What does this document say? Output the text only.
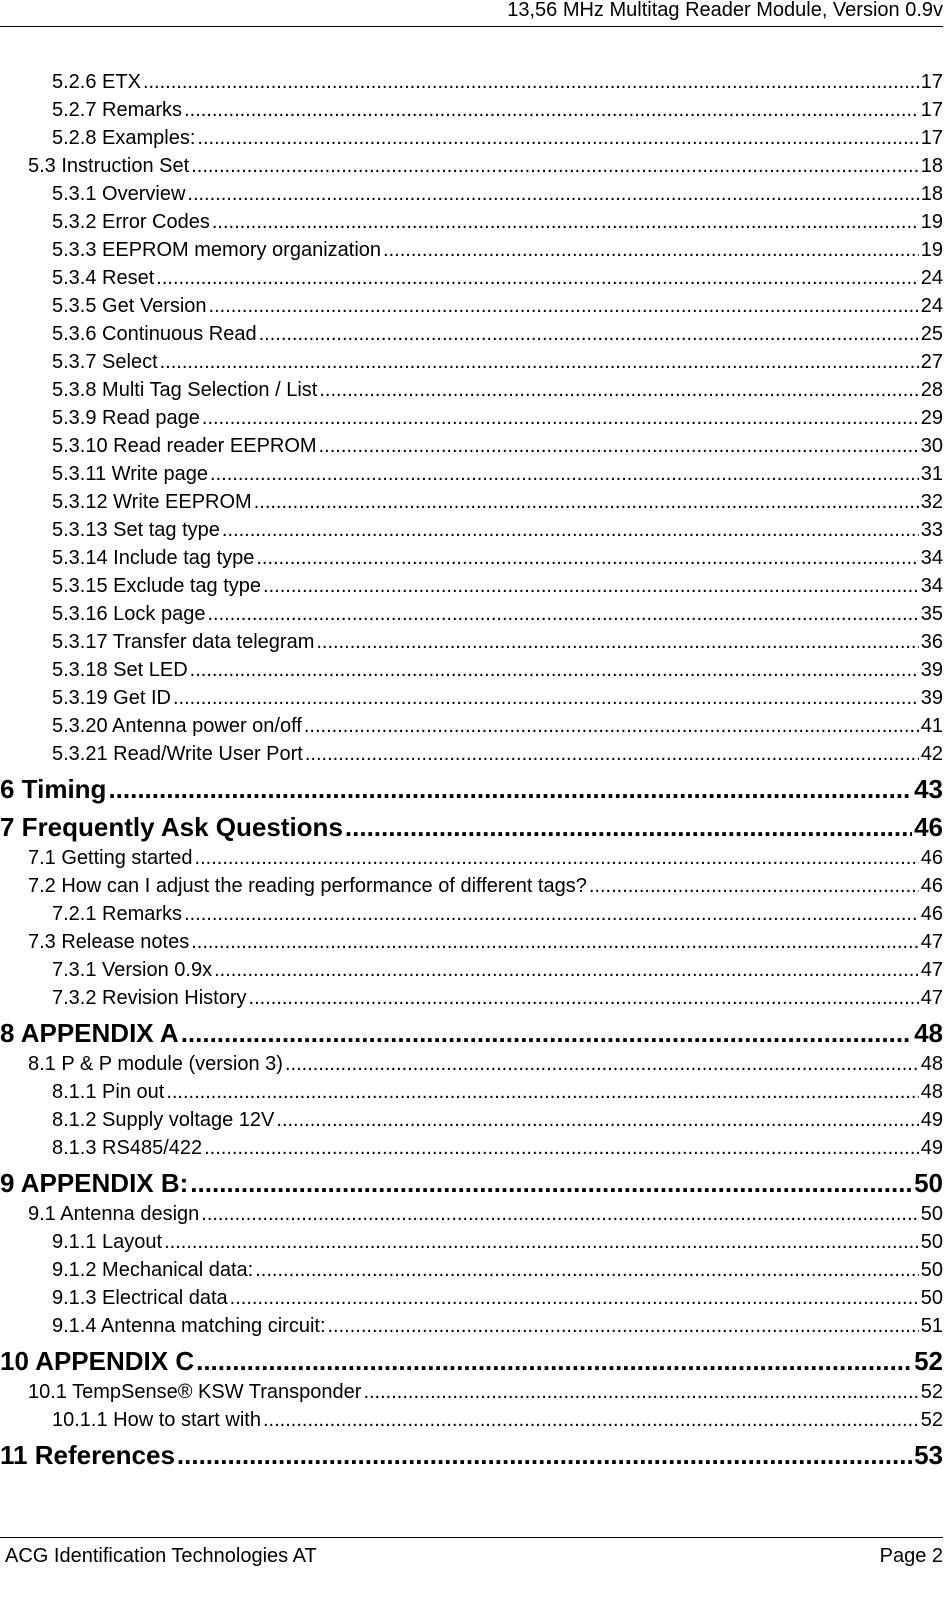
13,56 MHz Multitag Reader Module, Version 0.9v
5.2.6 ETX .....	17
5.2.7 Remarks .....	17
5.2.8 Examples: .....	17
5.3 Instruction Set .....	18
5.3.1 Overview .....	18
5.3.2 Error Codes .....	19
5.3.3 EEPROM memory organization .....	19
5.3.4 Reset .....	24
5.3.5 Get Version .....	24
5.3.6 Continuous Read .....	25
5.3.7 Select .....	27
5.3.8 Multi Tag Selection / List .....	28
5.3.9 Read page .....	29
5.3.10 Read reader EEPROM .....	30
5.3.11 Write page .....	31
5.3.12 Write EEPROM .....	32
5.3.13 Set tag type .....	33
5.3.14 Include tag type .....	34
5.3.15 Exclude tag type .....	34
5.3.16 Lock page .....	35
5.3.17 Transfer data telegram .....	36
5.3.18 Set LED .....	39
5.3.19 Get ID .....	39
5.3.20 Antenna power on/off .....	41
5.3.21 Read/Write User Port .....	42
6 Timing .....	43
7 Frequently Ask Questions .....	46
7.1 Getting started .....	46
7.2 How can I adjust the reading performance of different tags? .....	46
7.2.1 Remarks .....	46
7.3 Release notes .....	47
7.3.1 Version 0.9x .....	47
7.3.2 Revision History .....	47
8 APPENDIX A .....	48
8.1 P & P module (version 3) .....	48
8.1.1 Pin out .....	48
8.1.2 Supply voltage 12V .....	49
8.1.3 RS485/422 .....	49
9 APPENDIX B: .....	50
9.1 Antenna design .....	50
9.1.1 Layout .....	50
9.1.2 Mechanical data: .....	50
9.1.3 Electrical data .....	50
9.1.4 Antenna matching circuit: .....	51
10 APPENDIX C .....	52
10.1 TempSense® KSW Transponder .....	52
10.1.1 How to start with .....	52
11 References .....	53
ACG Identification Technologies AT	Page 2
